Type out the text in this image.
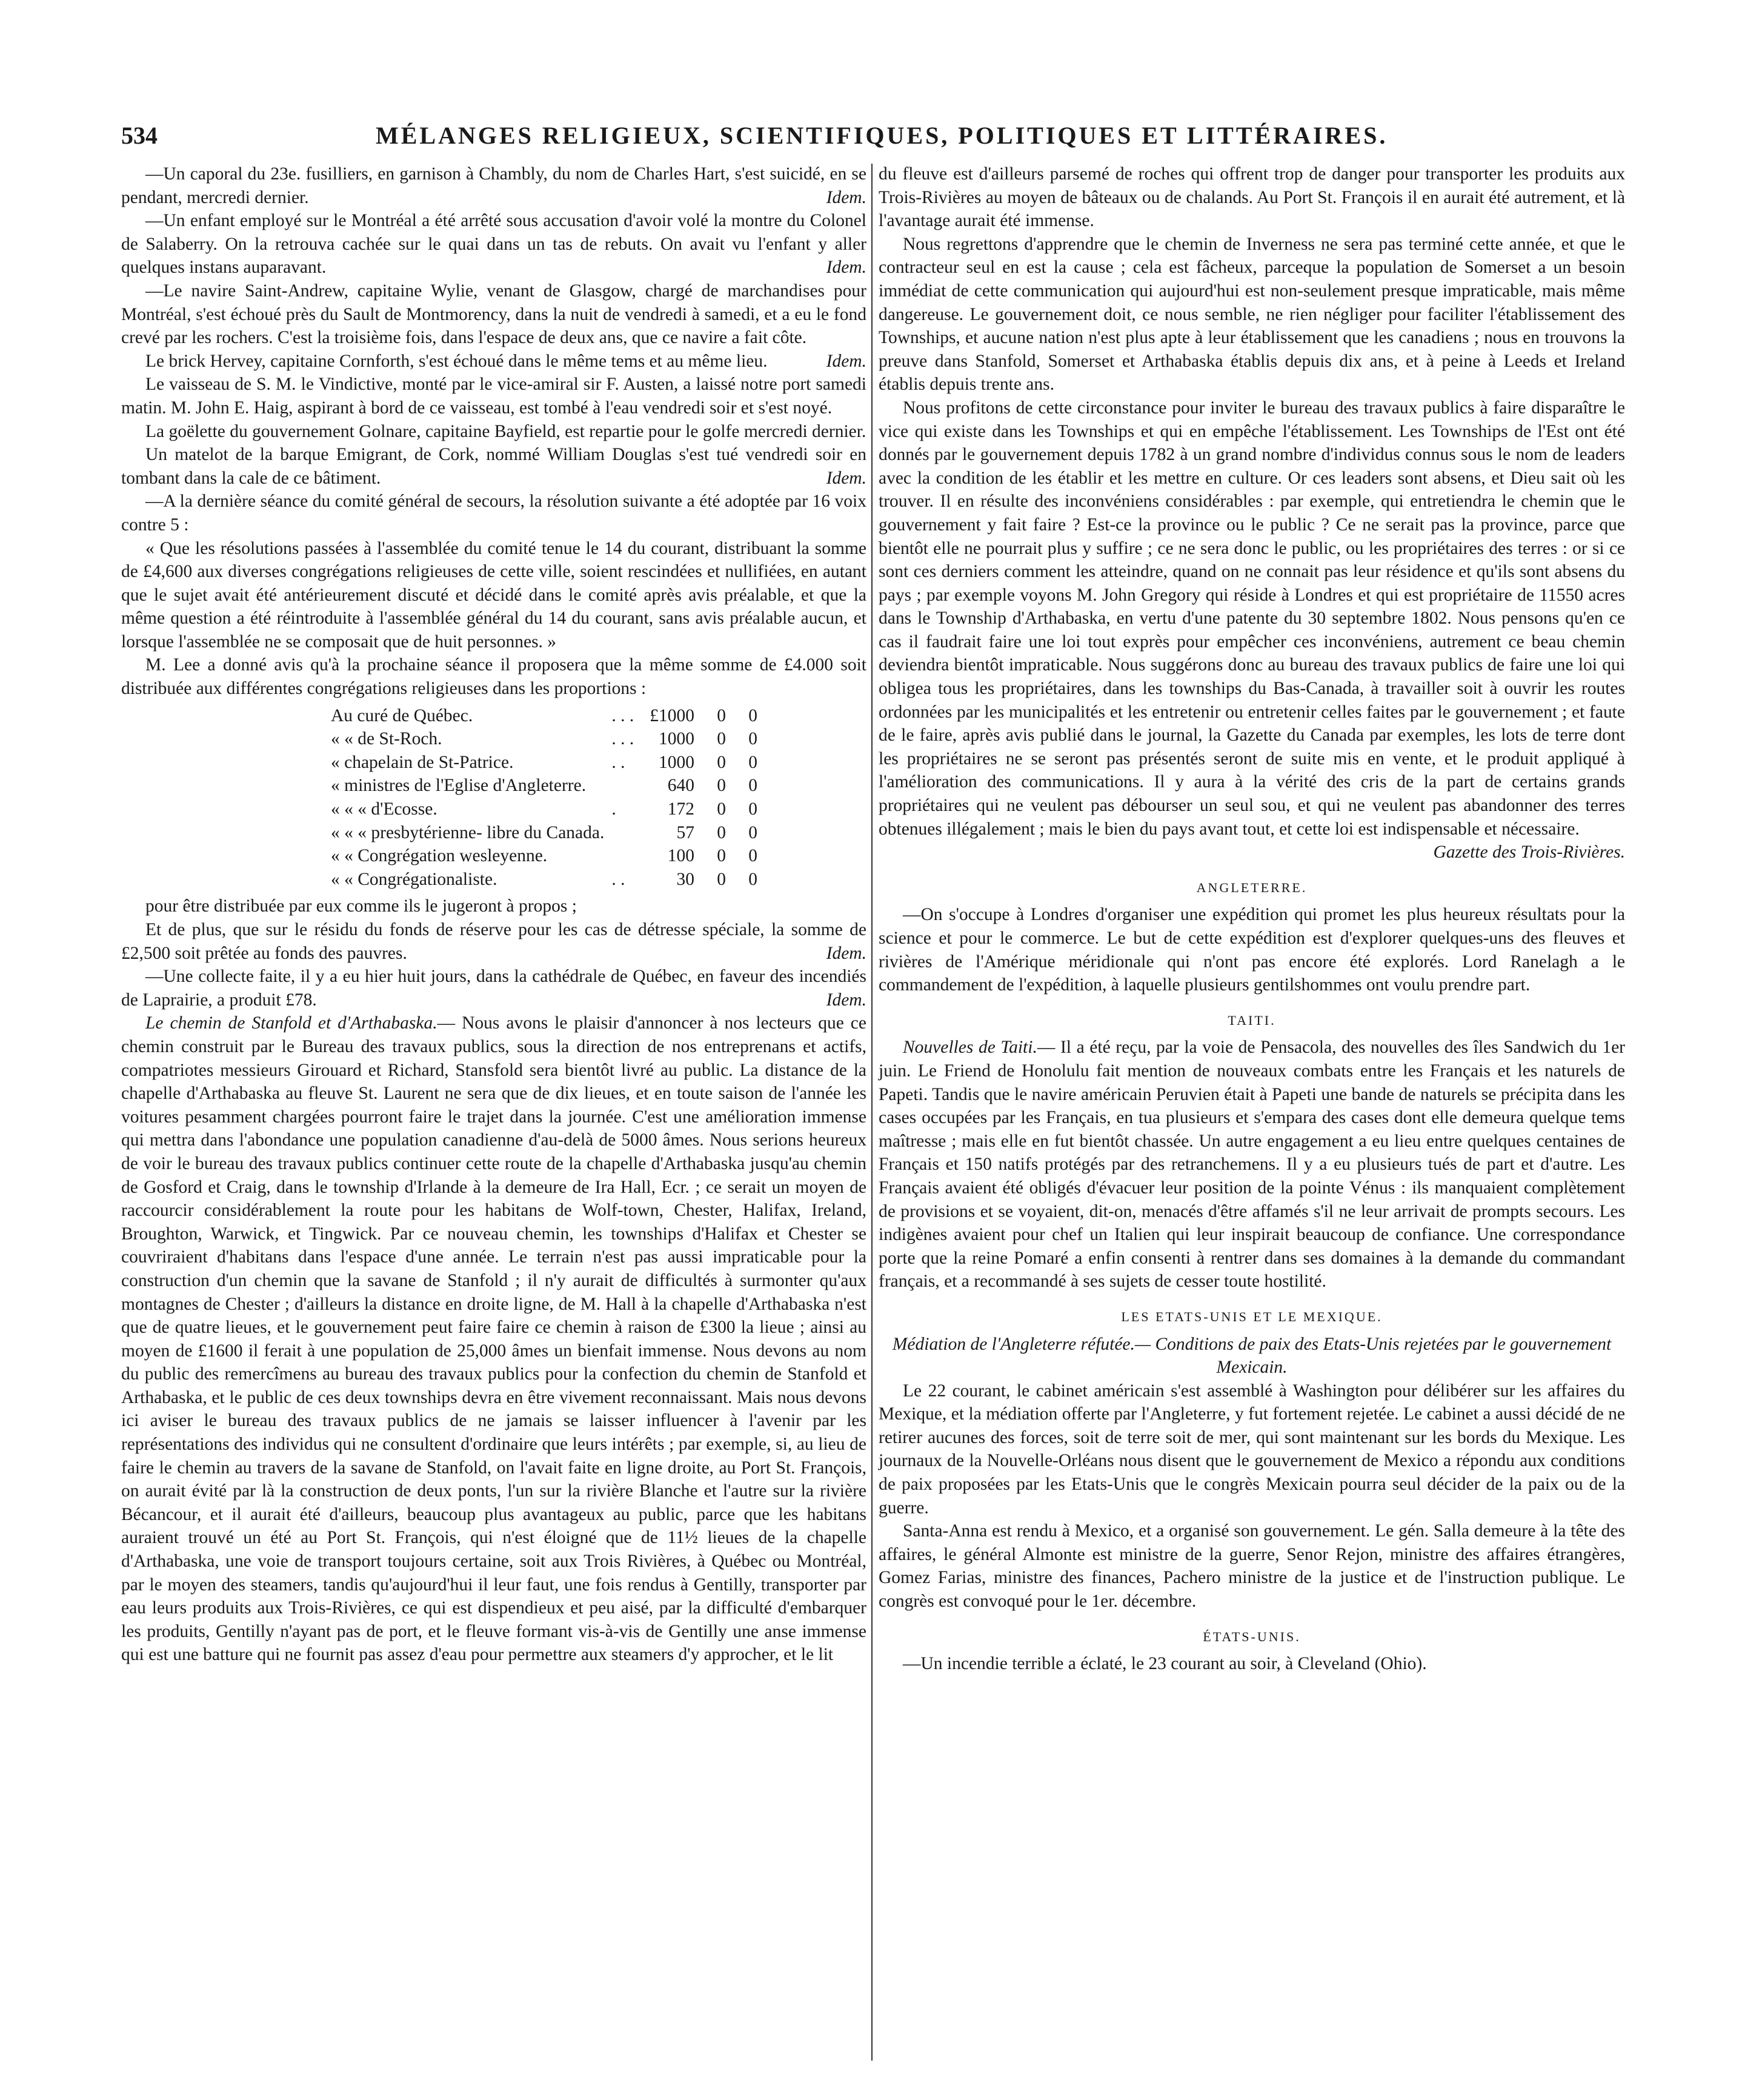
534	MÉLANGES RELIGIEUX, SCIENTIFIQUES, POLITIQUES ET LITTÉRAIRES.

—Un caporal du 23e. fusilliers, en garnison à Chambly, du nom de Charles Hart, s'est suicidé, en se pendant, mercredi dernier.	Idem.

—Un enfant employé sur le Montréal a été arrêté sous accusation d'avoir volé la montre du Colonel de Salaberry. On la retrouva cachée sur le quai dans un tas de rebuts. On avait vu l'enfant y aller quelques instans auparavant.	Idem.

—Le navire Saint-Andrew, capitaine Wylie, venant de Glasgow, chargé de marchandises pour Montréal, s'est échoué près du Sault de Montmorency, dans la nuit de vendredi à samedi, et a eu le fond crevé par les rochers. C'est la troisième fois, dans l'espace de deux ans, que ce navire a fait côte.

Le brick Hervey, capitaine Cornforth, s'est échoué dans le même tems et au même lieu.	Idem.

Le vaisseau de S. M. le Vindictive, monté par le vice-amiral sir F. Austen, a laissé notre port samedi matin. M. John E. Haig, aspirant à bord de ce vaisseau, est tombé à l'eau vendredi soir et s'est noyé.

La goëlette du gouvernement Golnare, capitaine Bayfield, est repartie pour le golfe mercredi dernier.

Un matelot de la barque Emigrant, de Cork, nommé William Douglas s'est tué vendredi soir en tombant dans la cale de ce bâtiment.	Idem.

—A la dernière séance du comité général de secours, la résolution suivante a été adoptée par 16 voix contre 5 :

« Que les résolutions passées à l'assemblée du comité tenue le 14 du courant, distribuant la somme de £4,600 aux diverses congrégations religieuses de cette ville, soient rescindées et nullifiées, en autant que le sujet avait été antérieurement discuté et décidé dans le comité après avis préalable, et que la même question a été réintroduite à l'assemblée général du 14 du courant, sans avis préalable aucun, et lorsque l'assemblée ne se composait que de huit personnes. »

M. Lee a donné avis qu'à la prochaine séance il proposera que la même somme de £4.000 soit distribuée aux différentes congrégations religieuses dans les proportions :

Au curé de Québec.	. . .	£1000	0	0
« « de St-Roch.	. . .	1000	0	0
« chapelain de St-Patrice.	. .	1000	0	0
« ministres de l'Eglise d'Angleterre.		640	0	0
« « « d'Ecosse.	.	172	0	0
« « « presbytérienne- libre du Canada.		57	0	0
« « Congrégation wesleyenne.		100	0	0
« « Congrégationaliste.	. .	30	0	0

pour être distribuée par eux comme ils le jugeront à propos ;

Et de plus, que sur le résidu du fonds de réserve pour les cas de détresse spéciale, la somme de £2,500 soit prêtée au fonds des pauvres.	Idem.

—Une collecte faite, il y a eu hier huit jours, dans la cathédrale de Québec, en faveur des incendiés de Laprairie, a produit £78.	Idem.

Le chemin de Stanfold et d'Arthabaska.— Nous avons le plaisir d'annoncer à nos lecteurs que ce chemin construit par le Bureau des travaux publics, sous la direction de nos entreprenans et actifs, compatriotes messieurs Girouard et Richard, Stansfold sera bientôt livré au public. La distance de la chapelle d'Arthabaska au fleuve St. Laurent ne sera que de dix lieues, et en toute saison de l'année les voitures pesamment chargées pourront faire le trajet dans la journée. C'est une amélioration immense qui mettra dans l'abondance une population canadienne d'au-delà de 5000 âmes. Nous serions heureux de voir le bureau des travaux publics continuer cette route de la chapelle d'Arthabaska jusqu'au chemin de Gosford et Craig, dans le township d'Irlande à la demeure de Ira Hall, Ecr. ; ce serait un moyen de raccourcir considérablement la route pour les habitans de Wolf-town, Chester, Halifax, Ireland, Broughton, Warwick, et Tingwick. Par ce nouveau chemin, les townships d'Halifax et Chester se couvriraient d'habitans dans l'espace d'une année. Le terrain n'est pas aussi impraticable pour la construction d'un chemin que la savane de Stanfold ; il n'y aurait de difficultés à surmonter qu'aux montagnes de Chester ; d'ailleurs la distance en droite ligne, de M. Hall à la chapelle d'Arthabaska n'est que de quatre lieues, et le gouvernement peut faire faire ce chemin à raison de £300 la lieue ; ainsi au moyen de £1600 il ferait à une population de 25,000 âmes un bienfait immense. Nous devons au nom du public des remercîmens au bureau des travaux publics pour la confection du chemin de Stanfold et Arthabaska, et le public de ces deux townships devra en être vivement reconnaissant. Mais nous devons ici aviser le bureau des travaux publics de ne jamais se laisser influencer à l'avenir par les représentations des individus qui ne consultent d'ordinaire que leurs intérêts ; par exemple, si, au lieu de faire le chemin au travers de la savane de Stanfold, on l'avait faite en ligne droite, au Port St. François, on aurait évité par là la construction de deux ponts, l'un sur la rivière Blanche et l'autre sur la rivière Bécancour, et il aurait été d'ailleurs, beaucoup plus avantageux au public, parce que les habitans auraient trouvé un été au Port St. François, qui n'est éloigné que de 11½ lieues de la chapelle d'Arthabaska, une voie de transport toujours certaine, soit aux Trois Rivières, à Québec ou Montréal, par le moyen des steamers, tandis qu'aujourd'hui il leur faut, une fois rendus à Gentilly, transporter par eau leurs produits aux Trois-Rivières, ce qui est dispendieux et peu aisé, par la difficulté d'embarquer les produits, Gentilly n'ayant pas de port, et le fleuve formant vis-à-vis de Gentilly une anse immense qui est une batture qui ne fournit pas assez d'eau pour permettre aux steamers d'y approcher, et le lit

du fleuve est d'ailleurs parsemé de roches qui offrent trop de danger pour transporter les produits aux Trois-Rivières au moyen de bâteaux ou de chalands. Au Port St. François il en aurait été autrement, et là l'avantage aurait été immense.

Nous regrettons d'apprendre que le chemin de Inverness ne sera pas terminé cette année, et que le contracteur seul en est la cause ; cela est fâcheux, parceque la population de Somerset a un besoin immédiat de cette communication qui aujourd'hui est non-seulement presque impraticable, mais même dangereuse. Le gouvernement doit, ce nous semble, ne rien négliger pour faciliter l'établissement des Townships, et aucune nation n'est plus apte à leur établissement que les canadiens ; nous en trouvons la preuve dans Stanfold, Somerset et Arthabaska établis depuis dix ans, et à peine à Leeds et Ireland établis depuis trente ans.

Nous profitons de cette circonstance pour inviter le bureau des travaux publics à faire disparaître le vice qui existe dans les Townships et qui en empêche l'établissement. Les Townships de l'Est ont été donnés par le gouvernement depuis 1782 à un grand nombre d'individus connus sous le nom de leaders avec la condition de les établir et les mettre en culture. Or ces leaders sont absens, et Dieu sait où les trouver. Il en résulte des inconvéniens considérables : par exemple, qui entretiendra le chemin que le gouvernement y fait faire ? Est-ce la province ou le public ? Ce ne serait pas la province, parce que bientôt elle ne pourrait plus y suffire ; ce ne sera donc le public, ou les propriétaires des terres : or si ce sont ces derniers comment les atteindre, quand on ne connait pas leur résidence et qu'ils sont absens du pays ; par exemple voyons M. John Gregory qui réside à Londres et qui est propriétaire de 11550 acres dans le Township d'Arthabaska, en vertu d'une patente du 30 septembre 1802. Nous pensons qu'en ce cas il faudrait faire une loi tout exprès pour empêcher ces inconvéniens, autrement ce beau chemin deviendra bientôt impraticable. Nous suggérons donc au bureau des travaux publics de faire une loi qui obligea tous les propriétaires, dans les townships du Bas-Canada, à travailler soit à ouvrir les routes ordonnées par les municipalités et les entretenir ou entretenir celles faites par le gouvernement ; et faute de le faire, après avis publié dans le journal, la Gazette du Canada par exemples, les lots de terre dont les propriétaires ne se seront pas présentés seront de suite mis en vente, et le produit appliqué à l'amélioration des communications. Il y aura à la vérité des cris de la part de certains grands propriétaires qui ne veulent pas débourser un seul sou, et qui ne veulent pas abandonner des terres obtenues illégalement ; mais le bien du pays avant tout, et cette loi est indispensable et nécessaire.

Gazette des Trois-Rivières.

ANGLETERRE.

—On s'occupe à Londres d'organiser une expédition qui promet les plus heureux résultats pour la science et pour le commerce. Le but de cette expédition est d'explorer quelques-uns des fleuves et rivières de l'Amérique méridionale qui n'ont pas encore été explorés. Lord Ranelagh a le commandement de l'expédition, à laquelle plusieurs gentilshommes ont voulu prendre part.

TAITI.

Nouvelles de Taiti.— Il a été reçu, par la voie de Pensacola, des nouvelles des îles Sandwich du 1er juin. Le Friend de Honolulu fait mention de nouveaux combats entre les Français et les naturels de Papeti. Tandis que le navire américain Peruvien était à Papeti une bande de naturels se précipita dans les cases occupées par les Français, en tua plusieurs et s'empara des cases dont elle demeura quelque tems maîtresse ; mais elle en fut bientôt chassée. Un autre engagement a eu lieu entre quelques centaines de Français et 150 natifs protégés par des retranchemens. Il y a eu plusieurs tués de part et d'autre. Les Français avaient été obligés d'évacuer leur position de la pointe Vénus : ils manquaient complètement de provisions et se voyaient, dit-on, menacés d'être affamés s'il ne leur arrivait de prompts secours. Les indigènes avaient pour chef un Italien qui leur inspirait beaucoup de confiance. Une correspondance porte que la reine Pomaré a enfin consenti à rentrer dans ses domaines à la demande du commandant français, et a recommandé à ses sujets de cesser toute hostilité.

LES ETATS-UNIS ET LE MEXIQUE.

Médiation de l'Angleterre réfutée.— Conditions de paix des Etats-Unis rejetées par le gouvernement Mexicain.

Le 22 courant, le cabinet américain s'est assemblé à Washington pour délibérer sur les affaires du Mexique, et la médiation offerte par l'Angleterre, y fut fortement rejetée. Le cabinet a aussi décidé de ne retirer aucunes des forces, soit de terre soit de mer, qui sont maintenant sur les bords du Mexique. Les journaux de la Nouvelle-Orléans nous disent que le gouvernement de Mexico a répondu aux conditions de paix proposées par les Etats-Unis que le congrès Mexicain pourra seul décider de la paix ou de la guerre.

Santa-Anna est rendu à Mexico, et a organisé son gouvernement. Le gén. Salla demeure à la tête des affaires, le général Almonte est ministre de la guerre, Senor Rejon, ministre des affaires étrangères, Gomez Farias, ministre des finances, Pachero ministre de la justice et de l'instruction publique. Le congrès est convoqué pour le 1er. décembre.

ÉTATS-UNIS.

—Un incendie terrible a éclaté, le 23 courant au soir, à Cleveland (Ohio).
